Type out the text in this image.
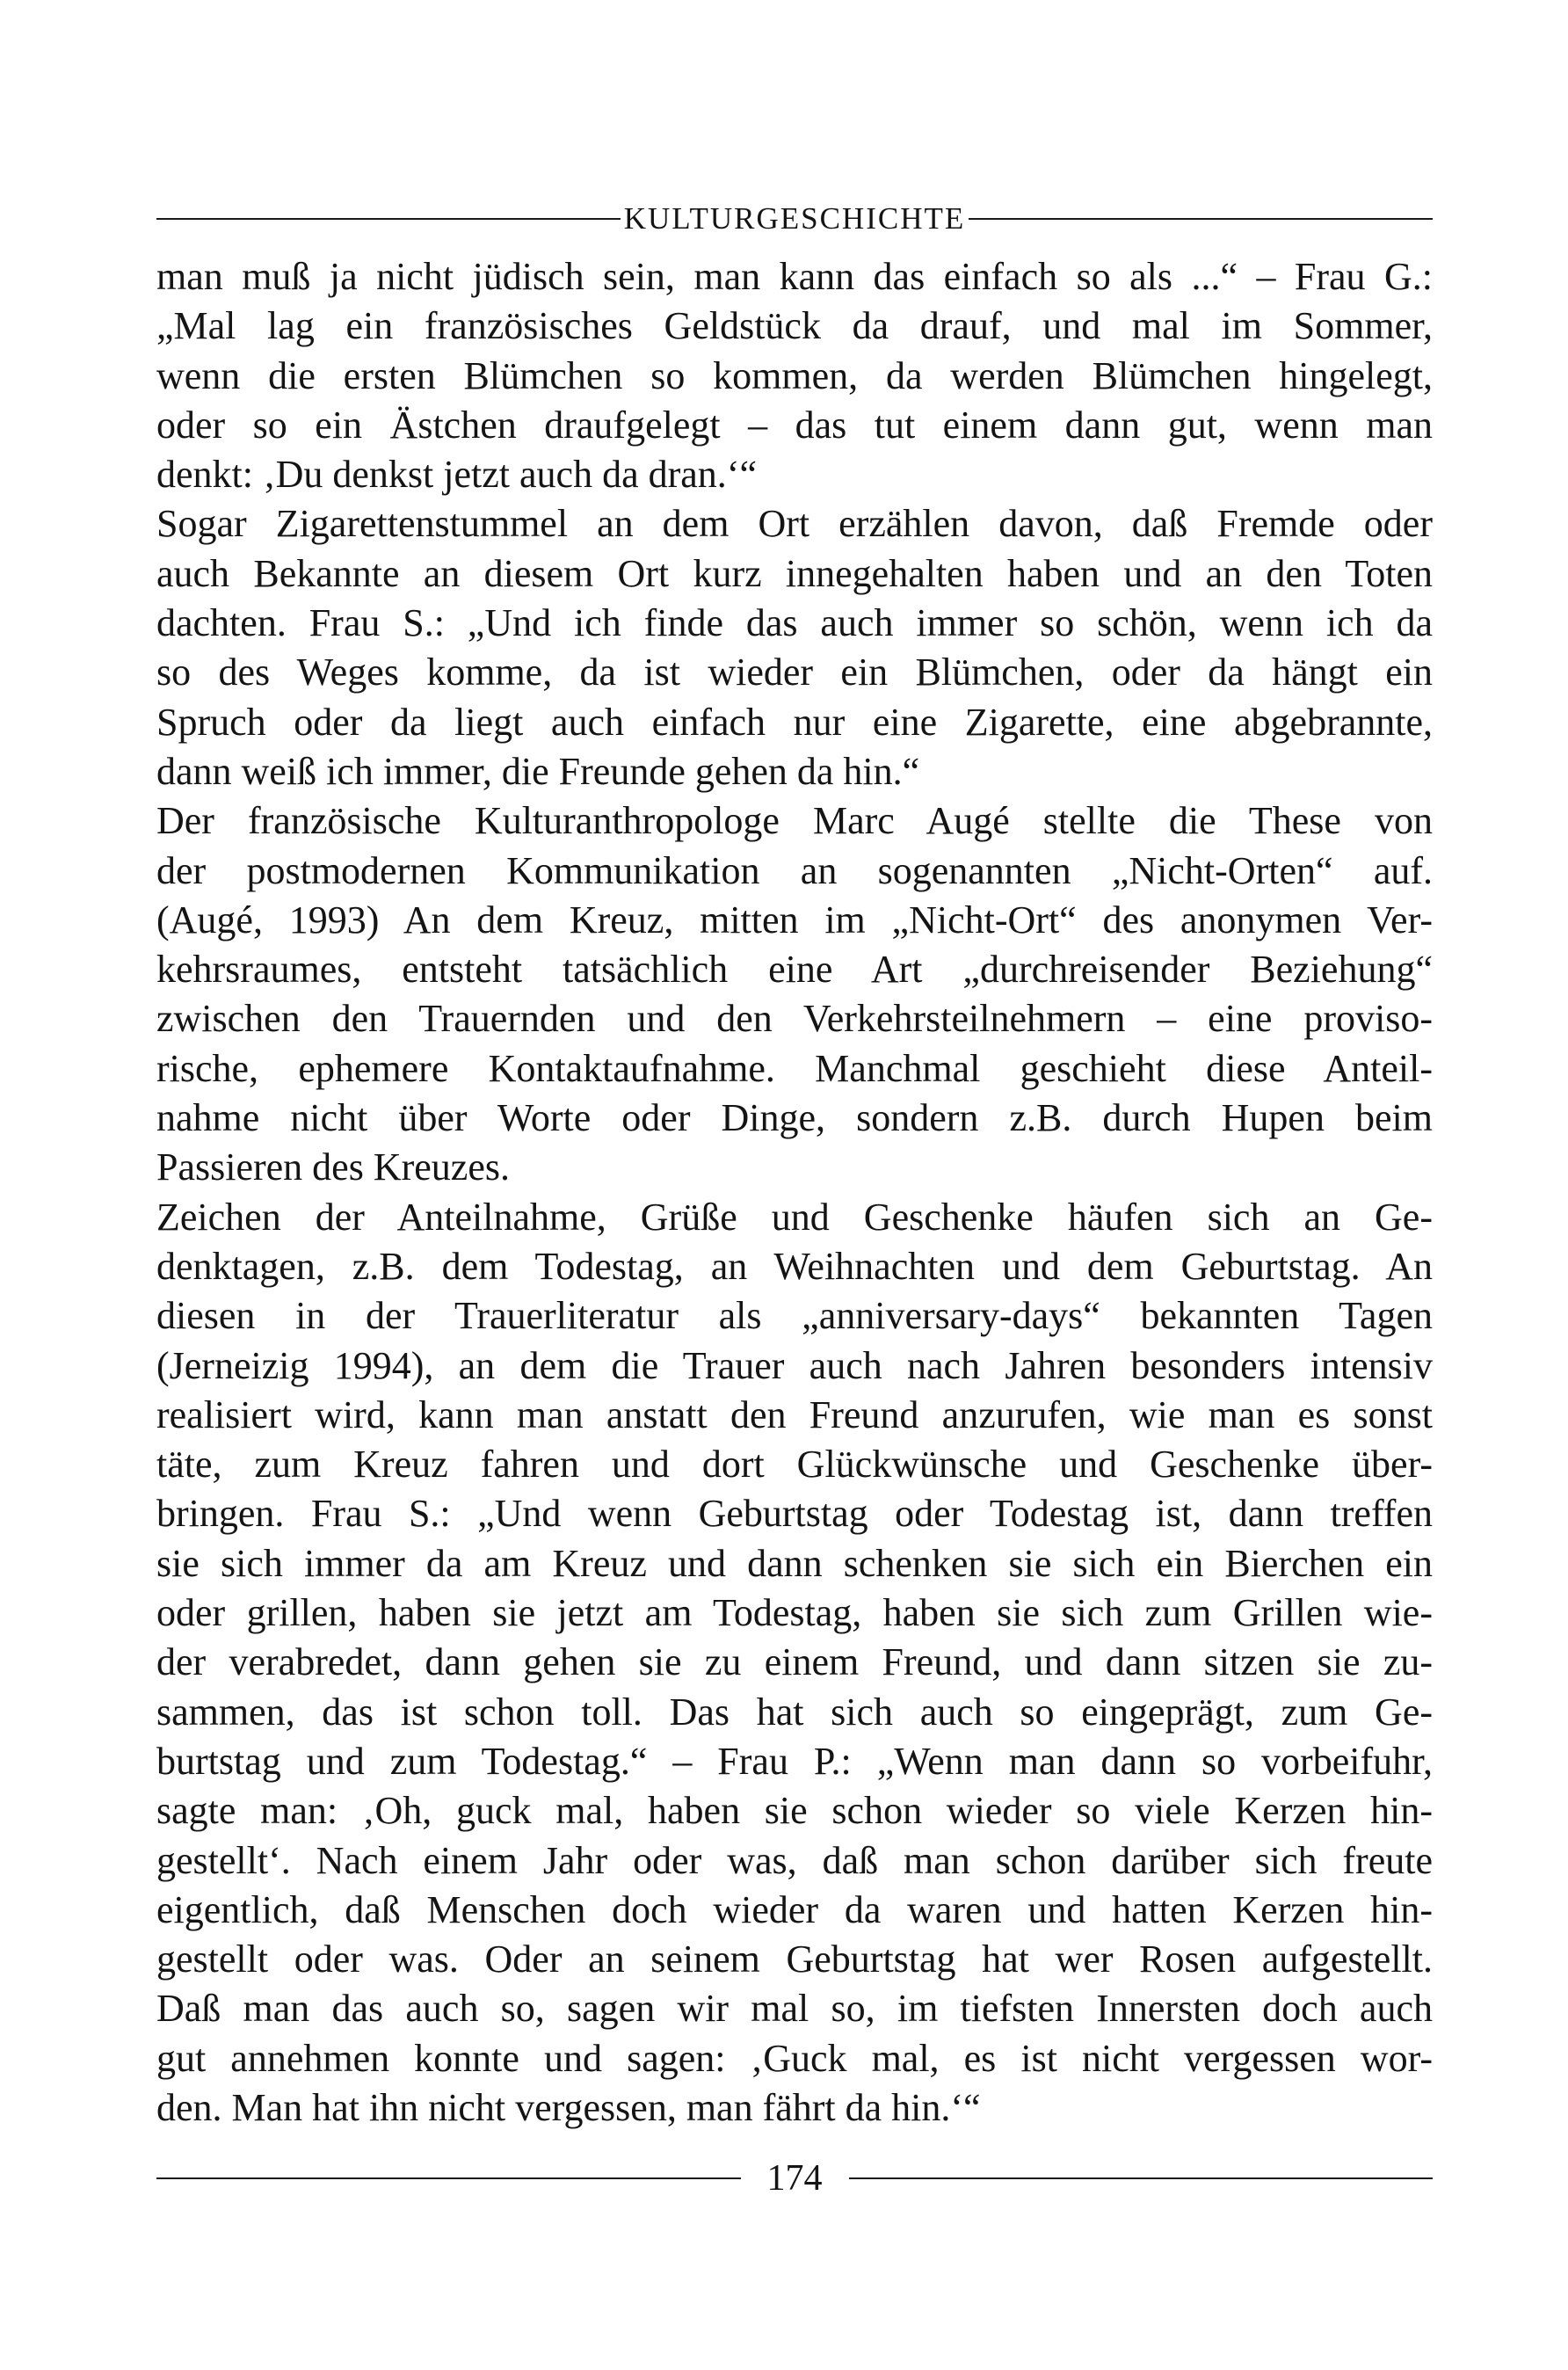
KULTURGESCHICHTE
man muß ja nicht jüdisch sein, man kann das einfach so als ...“ – Frau G.:
„Mal lag ein französisches Geldstück da drauf, und mal im Sommer,
wenn die ersten Blümchen so kommen, da werden Blümchen hingelegt,
oder so ein Ästchen draufgelegt – das tut einem dann gut, wenn man
denkt: ‚Du denkst jetzt auch da dran.‘“
Sogar Zigarettenstummel an dem Ort erzählen davon, daß Fremde oder
auch Bekannte an diesem Ort kurz innegehalten haben und an den Toten
dachten. Frau S.: „Und ich finde das auch immer so schön, wenn ich da
so des Weges komme, da ist wieder ein Blümchen, oder da hängt ein
Spruch oder da liegt auch einfach nur eine Zigarette, eine abgebrannte,
dann weiß ich immer, die Freunde gehen da hin.“
Der französische Kulturanthropologe Marc Augé stellte die These von
der postmodernen Kommunikation an sogenannten „Nicht-Orten“ auf.
(Augé, 1993) An dem Kreuz, mitten im „Nicht-Ort“ des anonymen Ver-
kehrsraumes, entsteht tatsächlich eine Art „durchreisender Beziehung“
zwischen den Trauernden und den Verkehrsteilnehmern – eine proviso-
rische, ephemere Kontaktaufnahme. Manchmal geschieht diese Anteil-
nahme nicht über Worte oder Dinge, sondern z.B. durch Hupen beim
Passieren des Kreuzes.
Zeichen der Anteilnahme, Grüße und Geschenke häufen sich an Ge-
denktagen, z.B. dem Todestag, an Weihnachten und dem Geburtstag. An
diesen in der Trauerliteratur als „anniversary-days“ bekannten Tagen
(Jerneizig 1994), an dem die Trauer auch nach Jahren besonders intensiv
realisiert wird, kann man anstatt den Freund anzurufen, wie man es sonst
täte, zum Kreuz fahren und dort Glückwünsche und Geschenke über-
bringen. Frau S.: „Und wenn Geburtstag oder Todestag ist, dann treffen
sie sich immer da am Kreuz und dann schenken sie sich ein Bierchen ein
oder grillen, haben sie jetzt am Todestag, haben sie sich zum Grillen wie-
der verabredet, dann gehen sie zu einem Freund, und dann sitzen sie zu-
sammen, das ist schon toll. Das hat sich auch so eingeprägt, zum Ge-
burtstag und zum Todestag.“ – Frau P.: „Wenn man dann so vorbeifuhr,
sagte man: ‚Oh, guck mal, haben sie schon wieder so viele Kerzen hin-
gestellt‘. Nach einem Jahr oder was, daß man schon darüber sich freute
eigentlich, daß Menschen doch wieder da waren und hatten Kerzen hin-
gestellt oder was. Oder an seinem Geburtstag hat wer Rosen aufgestellt.
Daß man das auch so, sagen wir mal so, im tiefsten Innersten doch auch
gut annehmen konnte und sagen: ‚Guck mal, es ist nicht vergessen wor-
den. Man hat ihn nicht vergessen, man fährt da hin.‘“
174
